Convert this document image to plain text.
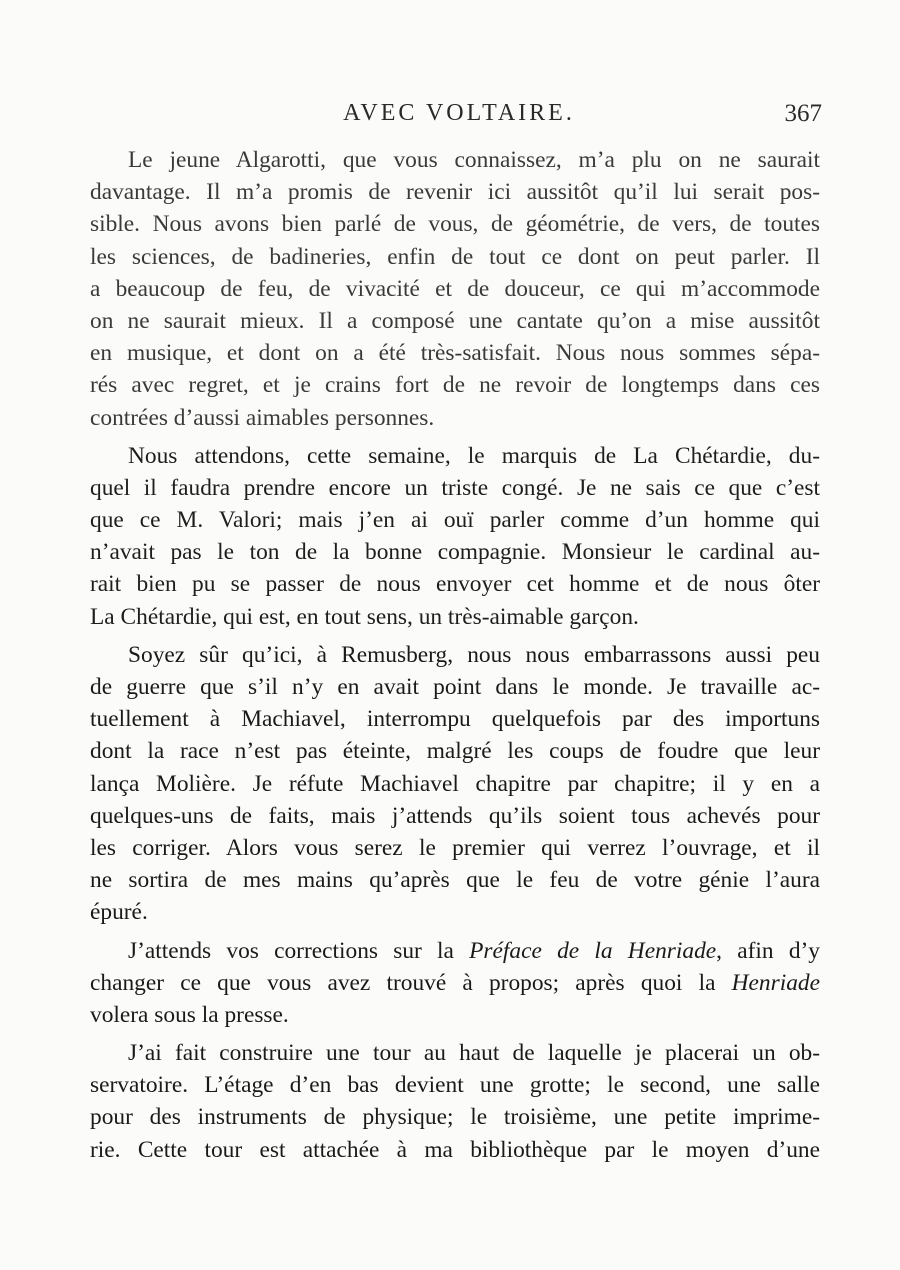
AVEC VOLTAIRE.	367
Le jeune Algarotti, que vous connaissez, m’a plu on ne saurait
davantage. Il m’a promis de revenir ici aussitôt qu’il lui serait pos-
sible. Nous avons bien parlé de vous, de géométrie, de vers, de toutes
les sciences, de badineries, enfin de tout ce dont on peut parler. Il
a beaucoup de feu, de vivacité et de douceur, ce qui m’accommode
on ne saurait mieux. Il a composé une cantate qu’on a mise aussitôt
en musique, et dont on a été très-satisfait. Nous nous sommes sépa-
rés avec regret, et je crains fort de ne revoir de longtemps dans ces
contrées d’aussi aimables personnes.
Nous attendons, cette semaine, le marquis de La Chétardie, du-
quel il faudra prendre encore un triste congé. Je ne sais ce que c’est
que ce M. Valori; mais j’en ai ouï parler comme d’un homme qui
n’avait pas le ton de la bonne compagnie. Monsieur le cardinal au-
rait bien pu se passer de nous envoyer cet homme et de nous ôter
La Chétardie, qui est, en tout sens, un très-aimable garçon.
Soyez sûr qu’ici, à Remusberg, nous nous embarrassons aussi peu
de guerre que s’il n’y en avait point dans le monde. Je travaille ac-
tuellement à Machiavel, interrompu quelquefois par des importuns
dont la race n’est pas éteinte, malgré les coups de foudre que leur
lança Molière. Je réfute Machiavel chapitre par chapitre; il y en a
quelques-uns de faits, mais j’attends qu’ils soient tous achevés pour
les corriger. Alors vous serez le premier qui verrez l’ouvrage, et il
ne sortira de mes mains qu’après que le feu de votre génie l’aura
épuré.
J’attends vos corrections sur la Préface de la Henriade, afin d’y
changer ce que vous avez trouvé à propos; après quoi la Henriade
volera sous la presse.
J’ai fait construire une tour au haut de laquelle je placerai un ob-
servatoire. L’étage d’en bas devient une grotte; le second, une salle
pour des instruments de physique; le troisième, une petite imprime-
rie. Cette tour est attachée à ma bibliothèque par le moyen d’une
